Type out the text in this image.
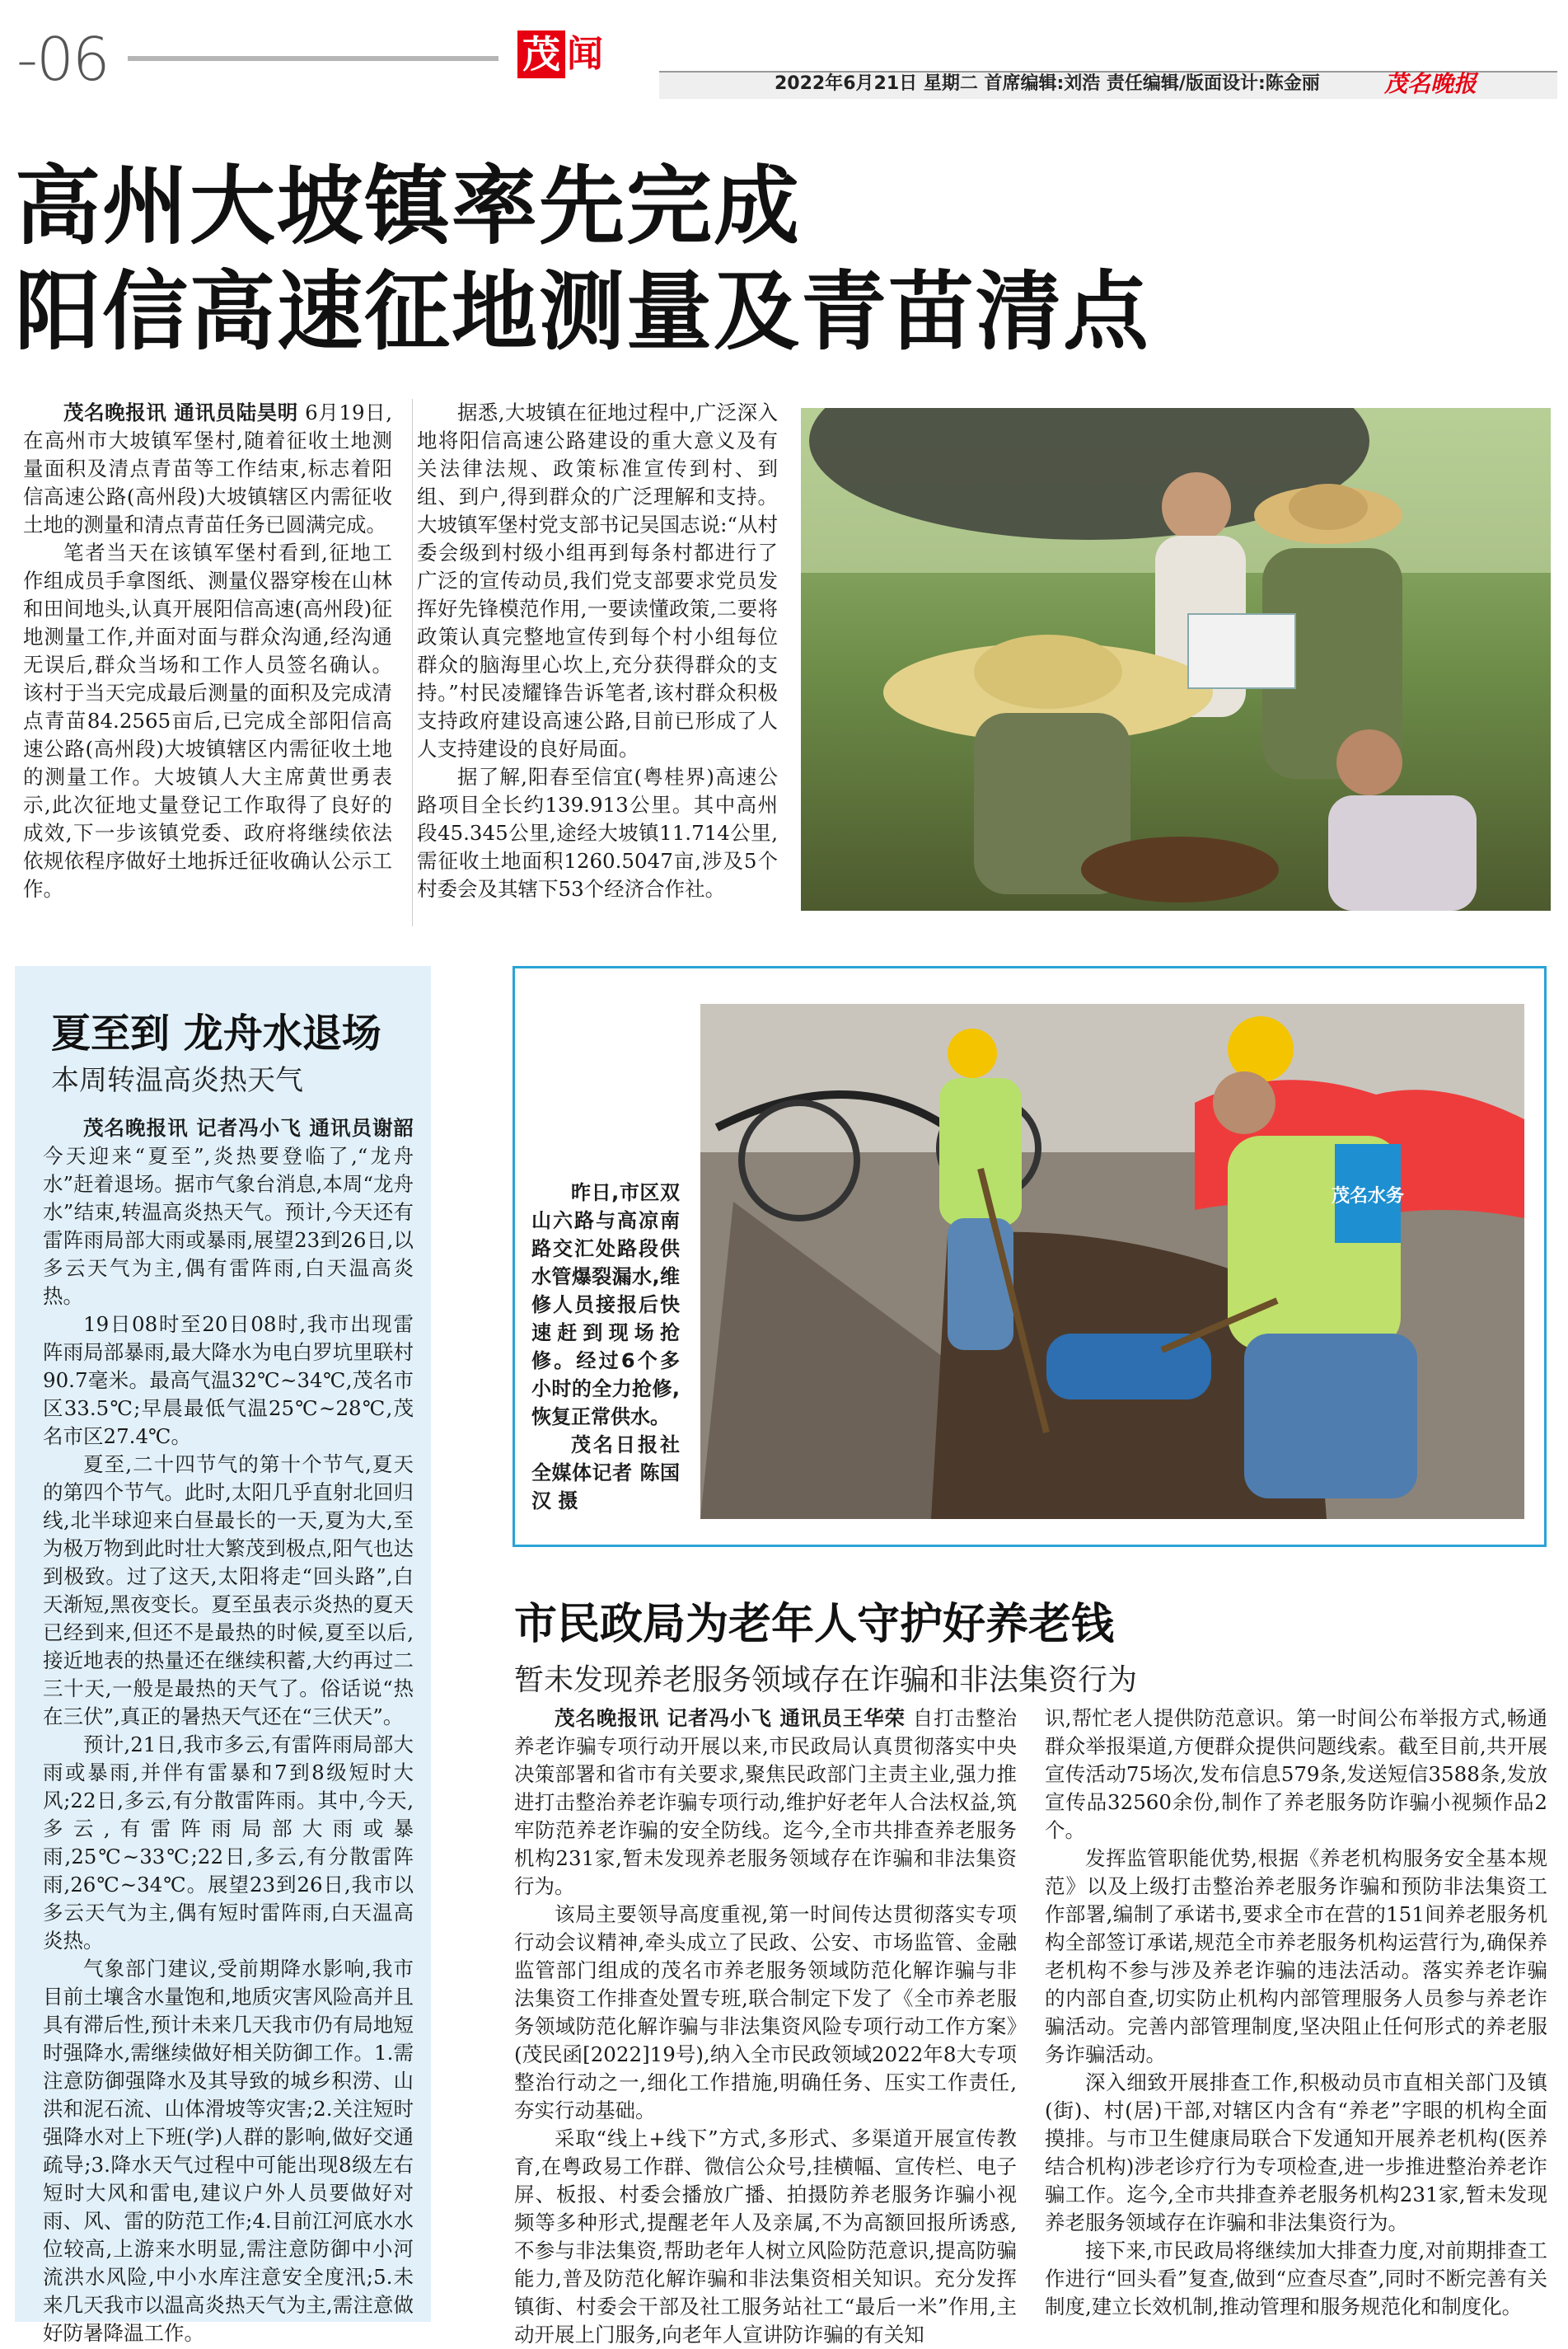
-06	茂 闻
2022年6月21日 星期二 首席编辑:刘浩 责任编辑/版面设计:陈金丽	茂名晚报
高州大坡镇率先完成
阳信高速征地测量及青苗清点

茂名晚报讯 通讯员陆昊明 6月19日,在高州市大坡镇军堡村,随着征收土地测量面积及清点青苗等工作结束,标志着阳信高速公路(高州段)大坡镇辖区内需征收土地的测量和清点青苗任务已圆满完成。

笔者当天在该镇军堡村看到,征地工作组成员手拿图纸、测量仪器穿梭在山林和田间地头,认真开展阳信高速(高州段)征地测量工作,并面对面与群众沟通,经沟通无误后,群众当场和工作人员签名确认。该村于当天完成最后测量的面积及完成清点青苗84.2565亩后,已完成全部阳信高速公路(高州段)大坡镇辖区内需征收土地的测量工作。大坡镇人大主席黄世勇表示,此次征地丈量登记工作取得了良好的成效,下一步该镇党委、政府将继续依法依规依程序做好土地拆迁征收确认公示工作。

据悉,大坡镇在征地过程中,广泛深入地将阳信高速公路建设的重大意义及有关法律法规、政策标准宣传到村、到组、到户,得到群众的广泛理解和支持。大坡镇军堡村党支部书记吴国志说:“从村委会级到村级小组再到每条村都进行了广泛的宣传动员,我们党支部要求党员发挥好先锋模范作用,一要读懂政策,二要将政策认真完整地宣传到每个村小组每位群众的脑海里心坎上,充分获得群众的支持。”村民凌耀锋告诉笔者,该村群众积极支持政府建设高速公路,目前已形成了人人支持建设的良好局面。

据了解,阳春至信宜(粤桂界)高速公路项目全长约139.913公里。其中高州段45.345公里,途经大坡镇11.714公里,需征收土地面积1260.5047亩,涉及5个村委会及其辖下53个经济合作社。

夏至到 龙舟水退场
本周转温高炎热天气

茂名晚报讯 记者冯小飞 通讯员谢韶 今天迎来“夏至”,炎热要登临了,“龙舟水”赶着退场。据市气象台消息,本周“龙舟水”结束,转温高炎热天气。预计,今天还有雷阵雨局部大雨或暴雨,展望23到26日,以多云天气为主,偶有雷阵雨,白天温高炎热。

19日08时至20日08时,我市出现雷阵雨局部暴雨,最大降水为电白罗坑里联村90.7毫米。最高气温32℃~34℃,茂名市区33.5℃;早晨最低气温25℃~28℃,茂名市区27.4℃。

夏至,二十四节气的第十个节气,夏天的第四个节气。此时,太阳几乎直射北回归线,北半球迎来白昼最长的一天,夏为大,至为极万物到此时壮大繁茂到极点,阳气也达到极致。过了这天,太阳将走“回头路”,白天渐短,黑夜变长。夏至虽表示炎热的夏天已经到来,但还不是最热的时候,夏至以后,接近地表的热量还在继续积蓄,大约再过二三十天,一般是最热的天气了。俗话说“热在三伏”,真正的暑热天气还在“三伏天”。

预计,21日,我市多云,有雷阵雨局部大雨或暴雨,并伴有雷暴和7到8级短时大风;22日,多云,有分散雷阵雨。其中,今天,多云,有雷阵雨局部大雨或暴雨,25℃~33℃;22日,多云,有分散雷阵雨,26℃~34℃。展望23到26日,我市以多云天气为主,偶有短时雷阵雨,白天温高炎热。

气象部门建议,受前期降水影响,我市目前土壤含水量饱和,地质灾害风险高并且具有滞后性,预计未来几天我市仍有局地短时强降水,需继续做好相关防御工作。1.需注意防御强降水及其导致的城乡积涝、山洪和泥石流、山体滑坡等灾害;2.关注短时强降水对上下班(学)人群的影响,做好交通疏导;3.降水天气过程中可能出现8级左右短时大风和雷电,建议户外人员要做好对雨、风、雷的防范工作;4.目前江河底水水位较高,上游来水明显,需注意防御中小河流洪水风险,中小水库注意安全度汛;5.未来几天我市以温高炎热天气为主,需注意做好防暑降温工作。

昨日,市区双山六路与高凉南路交汇处路段供水管爆裂漏水,维修人员接报后快速赶到现场抢修。经过6个多小时的全力抢修,恢复正常供水。
茂名日报社全媒体记者 陈国汉 摄
茂名水务
市民政局为老年人守护好养老钱
暂未发现养老服务领域存在诈骗和非法集资行为

茂名晚报讯 记者冯小飞 通讯员王华荣 自打击整治养老诈骗专项行动开展以来,市民政局认真贯彻落实中央决策部署和省市有关要求,聚焦民政部门主责主业,强力推进打击整治养老诈骗专项行动,维护好老年人合法权益,筑牢防范养老诈骗的安全防线。迄今,全市共排查养老服务机构231家,暂未发现养老服务领域存在诈骗和非法集资行为。

该局主要领导高度重视,第一时间传达贯彻落实专项行动会议精神,牵头成立了民政、公安、市场监管、金融监管部门组成的茂名市养老服务领域防范化解诈骗与非法集资工作排查处置专班,联合制定下发了《全市养老服务领域防范化解诈骗与非法集资风险专项行动工作方案》(茂民函[2022]19号),纳入全市民政领域2022年8大专项整治行动之一,细化工作措施,明确任务、压实工作责任,夯实行动基础。

采取“线上+线下”方式,多形式、多渠道开展宣传教育,在粤政易工作群、微信公众号,挂横幅、宣传栏、电子屏、板报、村委会播放广播、拍摄防养老服务诈骗小视频等多种形式,提醒老年人及亲属,不为高额回报所诱惑,不参与非法集资,帮助老年人树立风险防范意识,提高防骗能力,普及防范化解诈骗和非法集资相关知识。充分发挥镇街、村委会干部及社工服务站社工“最后一米”作用,主动开展上门服务,向老年人宣讲防诈骗的有关知

识,帮忙老人提供防范意识。第一时间公布举报方式,畅通群众举报渠道,方便群众提供问题线索。截至目前,共开展宣传活动75场次,发布信息579条,发送短信3588条,发放宣传品32560余份,制作了养老服务防诈骗小视频作品2个。

发挥监管职能优势,根据《养老机构服务安全基本规范》以及上级打击整治养老服务诈骗和预防非法集资工作部署,编制了承诺书,要求全市在营的151间养老服务机构全部签订承诺,规范全市养老服务机构运营行为,确保养老机构不参与涉及养老诈骗的违法活动。落实养老诈骗的内部自查,切实防止机构内部管理服务人员参与养老诈骗活动。完善内部管理制度,坚决阻止任何形式的养老服务诈骗活动。

深入细致开展排查工作,积极动员市直相关部门及镇(街)、村(居)干部,对辖区内含有“养老”字眼的机构全面摸排。与市卫生健康局联合下发通知开展养老机构(医养结合机构)涉老诊疗行为专项检查,进一步推进整治养老诈骗工作。迄今,全市共排查养老服务机构231家,暂未发现养老服务领域存在诈骗和非法集资行为。

接下来,市民政局将继续加大排查力度,对前期排查工作进行“回头看”复查,做到“应查尽查”,同时不断完善有关制度,建立长效机制,推动管理和服务规范化和制度化。
